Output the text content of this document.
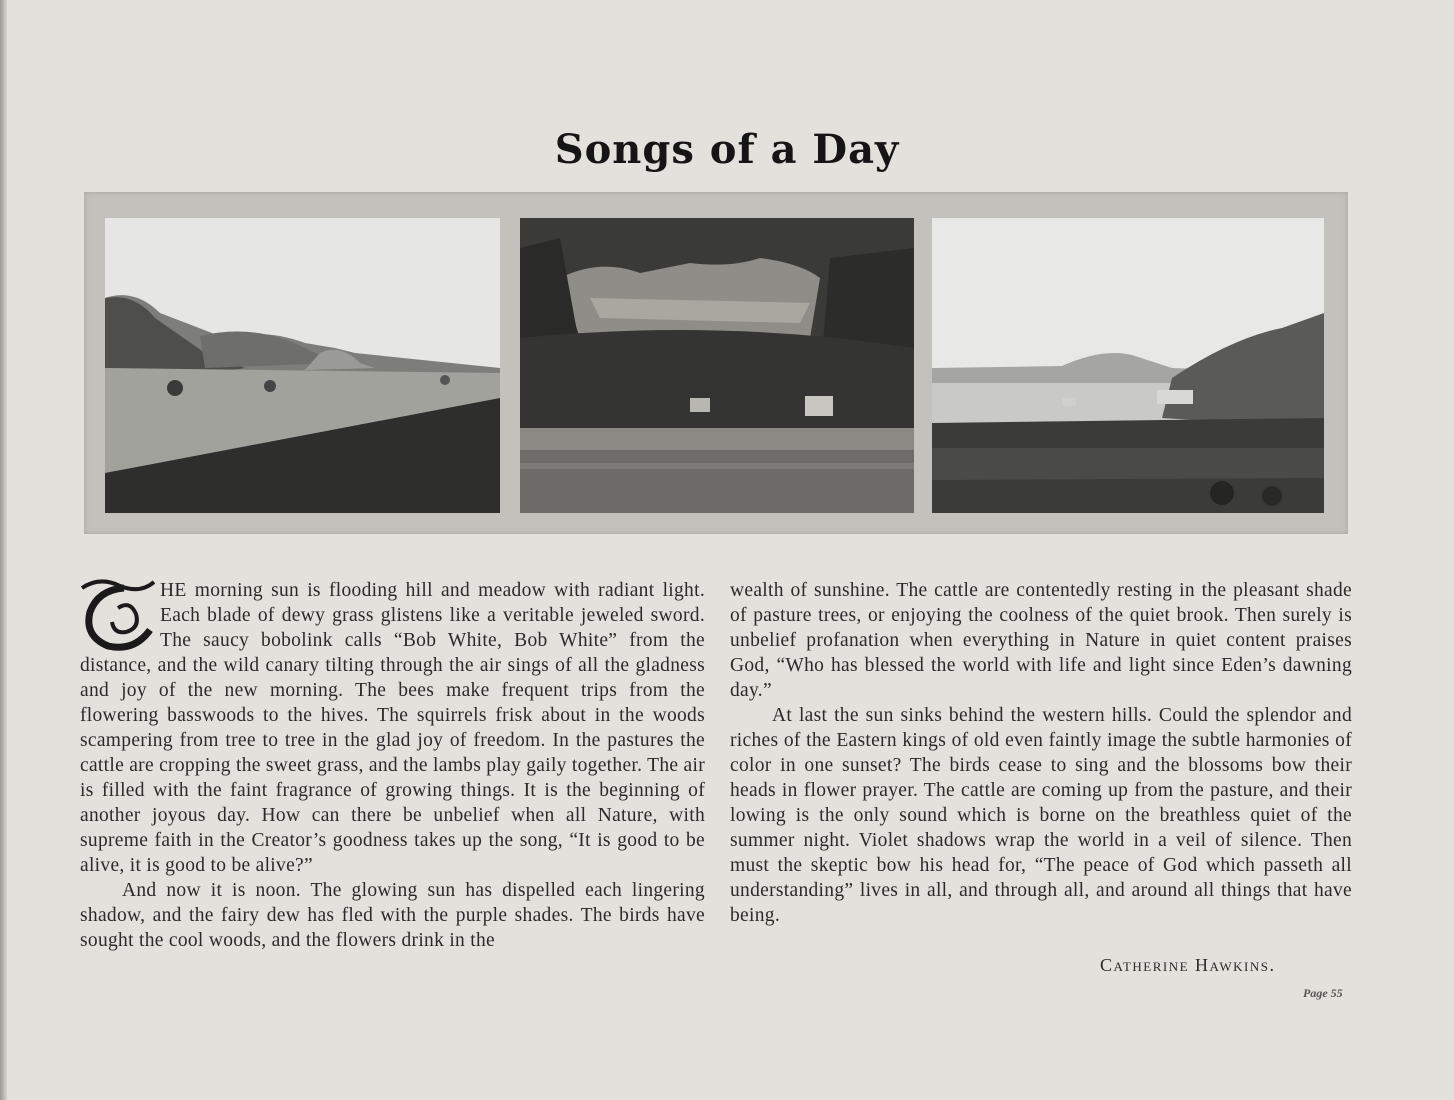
Songs of a Day
T

HE morning sun is flooding hill and meadow with radiant light. Each blade of dewy grass glistens like a veritable jeweled sword. The saucy bobolink calls “Bob White, Bob White” from the distance, and the wild canary tilting through the air sings of all the gladness and joy of the new morning. The bees make frequent trips from the flowering basswoods to the hives. The squirrels frisk about in the woods scampering from tree to tree in the glad joy of freedom. In the pastures the cattle are cropping the sweet grass, and the lambs play gaily together. The air is filled with the faint fragrance of growing things. It is the beginning of another joyous day. How can there be unbelief when all Nature, with supreme faith in the Creator’s goodness takes up the song, “It is good to be alive, it is good to be alive?”

And now it is noon. The glowing sun has dispelled each lingering shadow, and the fairy dew has fled with the purple shades. The birds have sought the cool woods, and the flowers drink in the

wealth of sunshine. The cattle are contentedly resting in the pleasant shade of pasture trees, or enjoying the coolness of the quiet brook. Then surely is unbelief profanation when everything in Nature in quiet content praises God, “Who has blessed the world with life and light since Eden’s dawning day.”

At last the sun sinks behind the western hills. Could the splendor and riches of the Eastern kings of old even faintly image the subtle harmonies of color in one sunset? The birds cease to sing and the blossoms bow their heads in flower prayer. The cattle are coming up from the pasture, and their lowing is the only sound which is borne on the breathless quiet of the summer night. Violet shadows wrap the world in a veil of silence. Then must the skeptic bow his head for, “The peace of God which passeth all understanding” lives in all, and through all, and around all things that have being.

Catherine Hawkins.
Page 55
